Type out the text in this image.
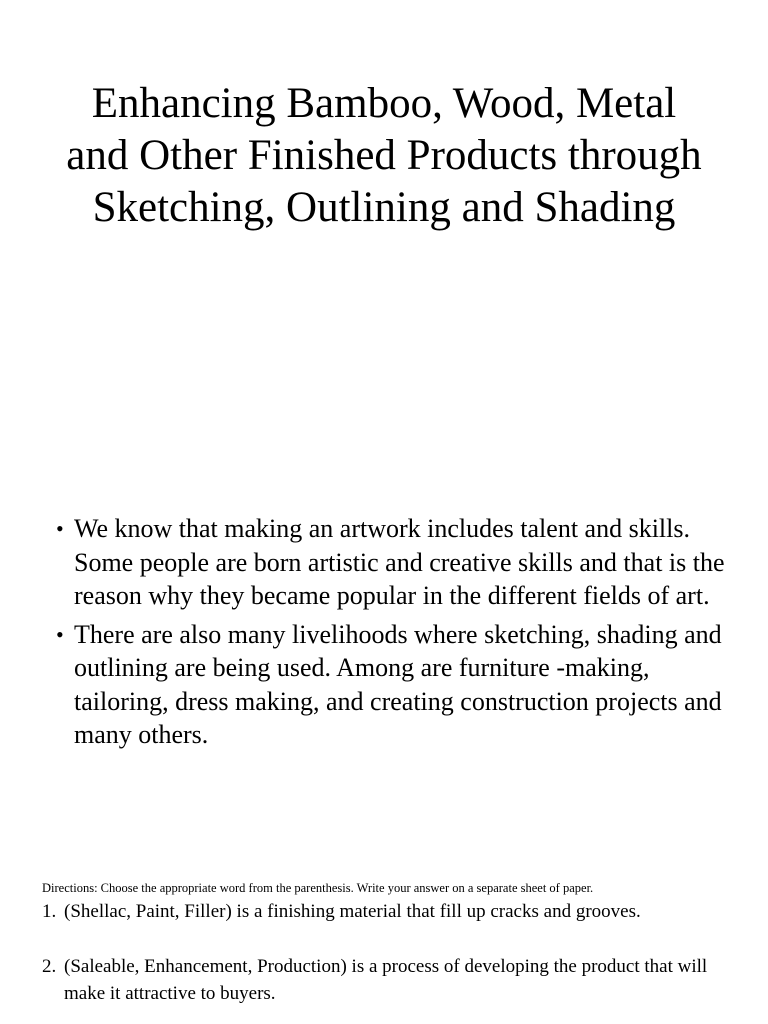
Enhancing Bamboo, Wood, Metal and Other Finished Products through Sketching, Outlining and Shading
• We know that making an artwork includes talent and skills. Some people are born artistic and creative skills and that is the reason why they became popular in the different fields of art.
• There are also many livelihoods where sketching, shading and outlining are being used. Among are furniture -making, tailoring, dress making, and creating construction projects and many others.
Directions: Choose the appropriate word from the parenthesis. Write your answer on a separate sheet of paper.
1. (Shellac, Paint, Filler) is a finishing material that fill up cracks and grooves.
2. (Saleable, Enhancement, Production) is a process of developing the product that will make it attractive to buyers.
